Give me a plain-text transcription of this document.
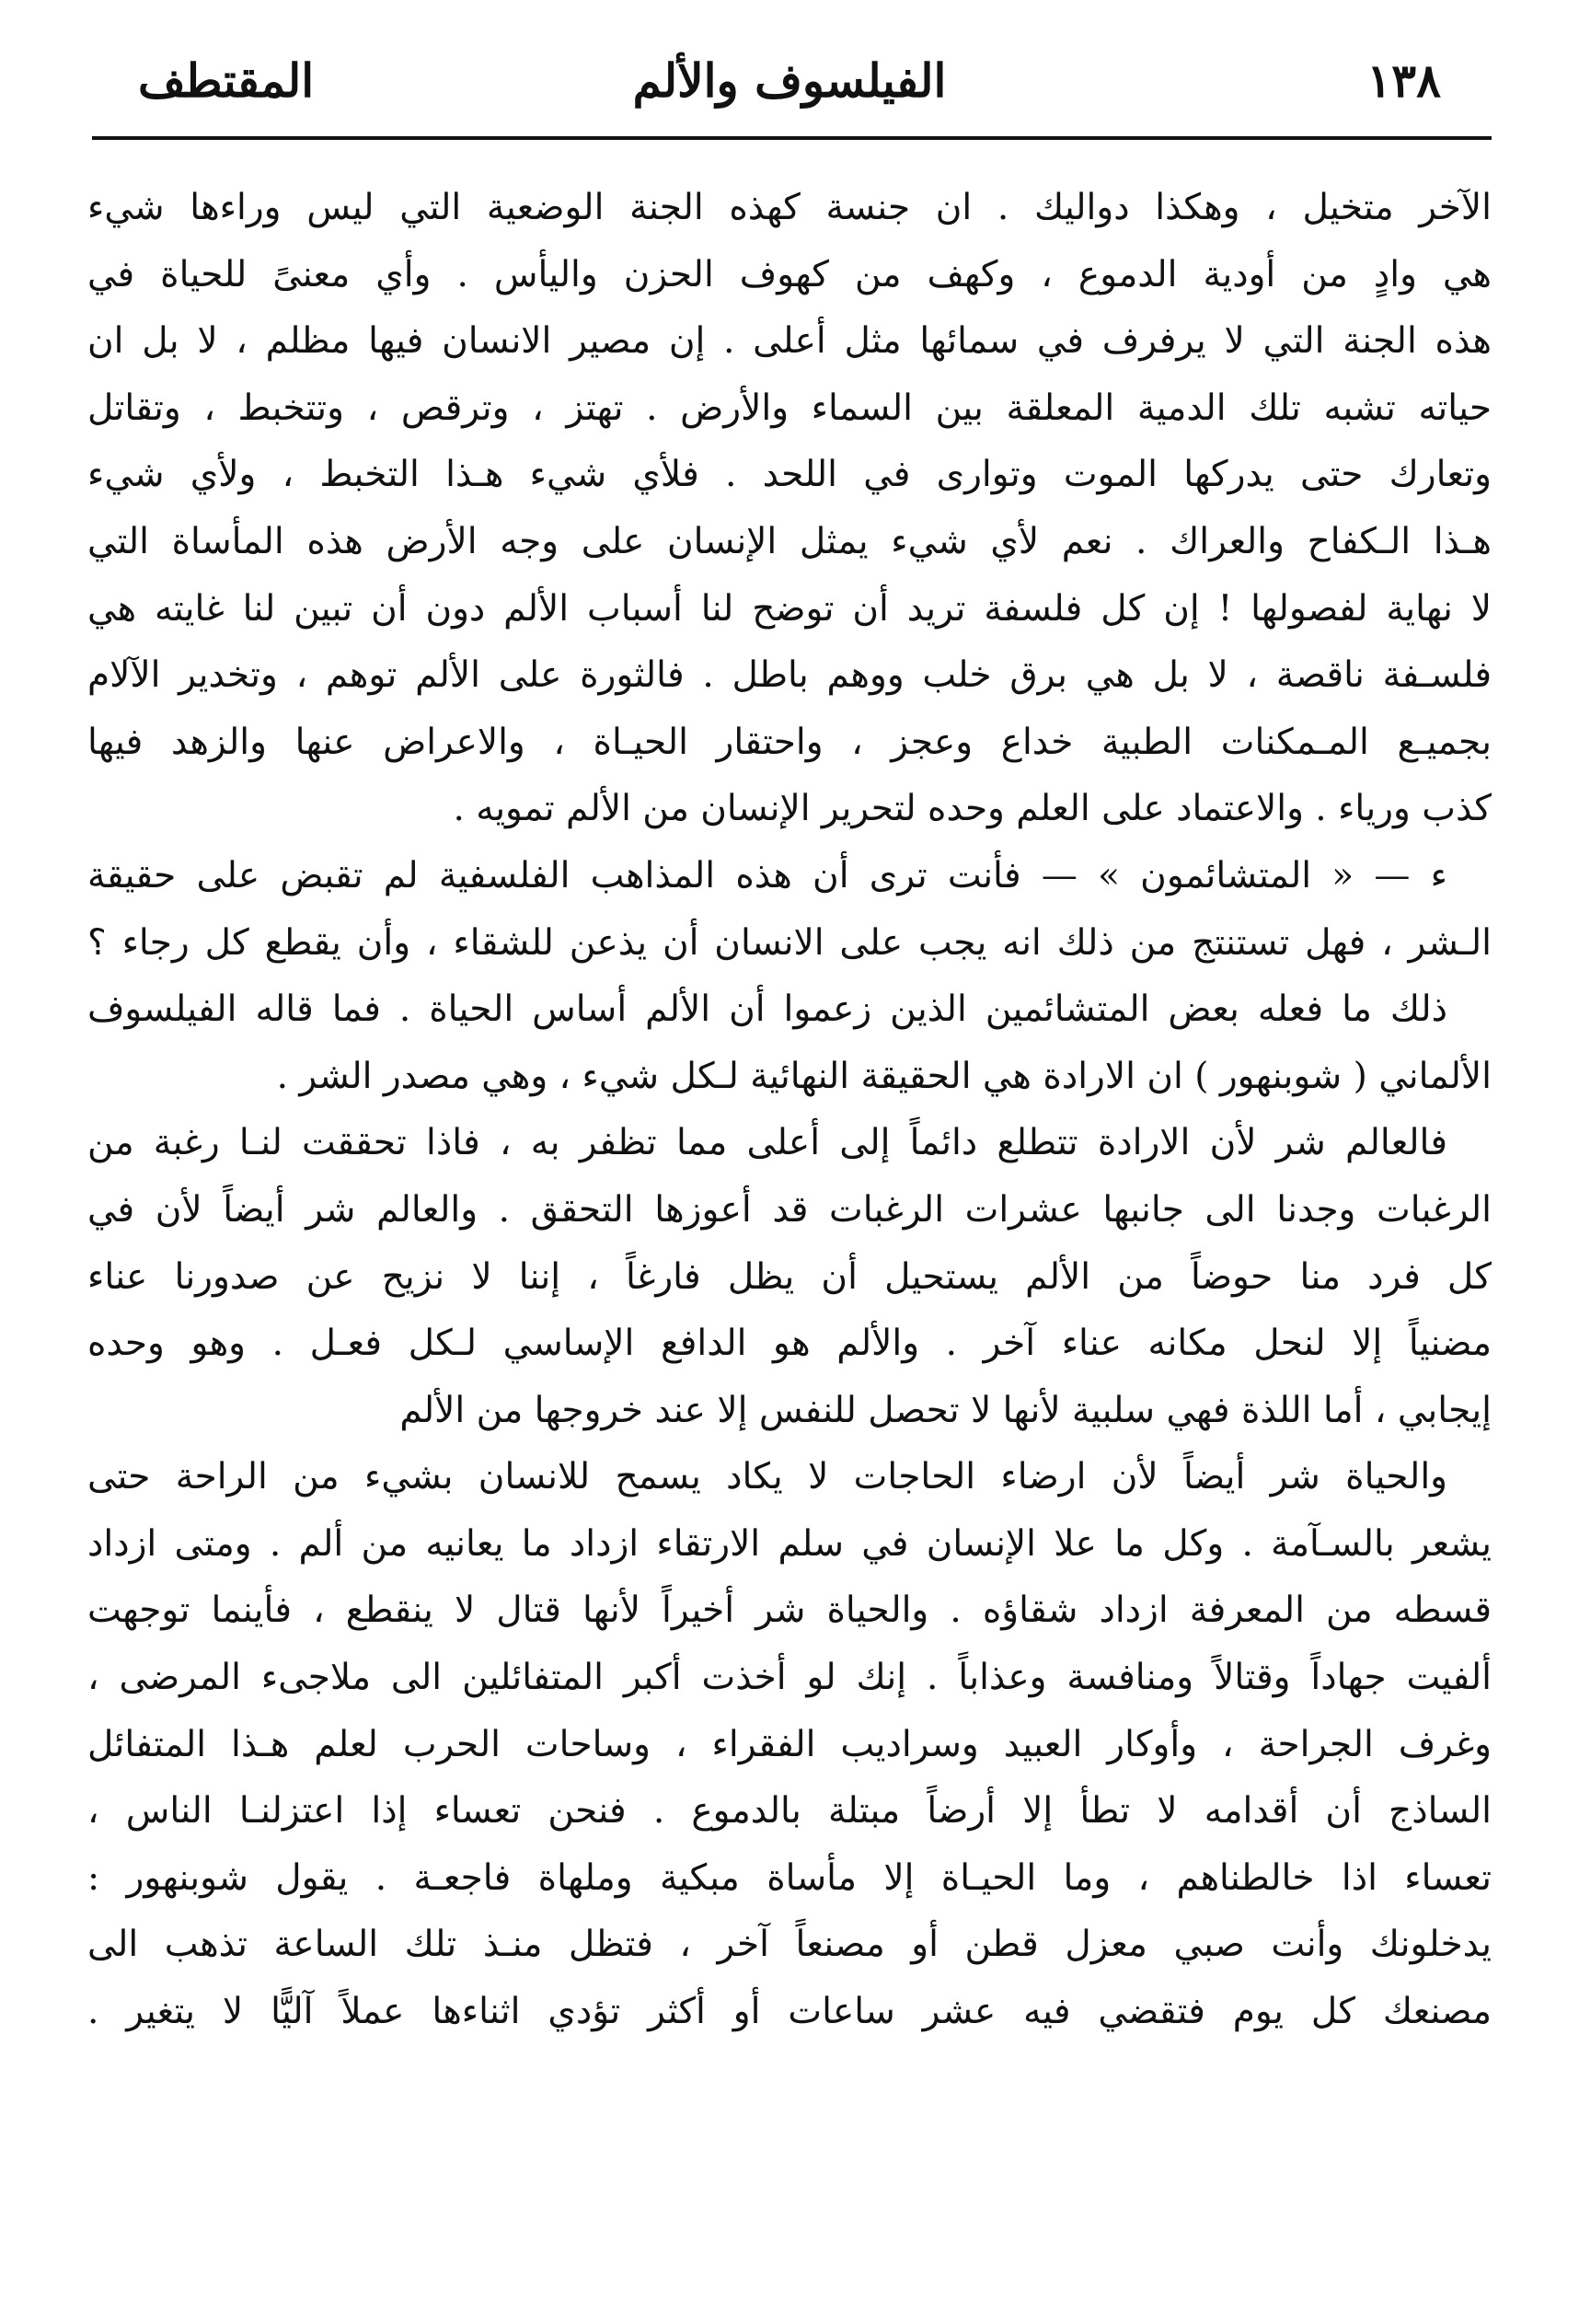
١٣٨
الفيلسوف والألم
المقتطف
الآخر متخيل ، وهكذا دواليك . ان جنسة كهذه الجنة الوضعية التي ليس وراءها شيء
هي وادٍ من أودية الدموع ، وكهف من كهوف الحزن واليأس . وأي معنىً للحياة في
هذه الجنة التي لا يرفرف في سمائها مثل أعلى . إن مصير الانسان فيها مظلم ، لا بل ان
حياته تشبه تلك الدمية المعلقة بين السماء والأرض . تهتز ، وترقص ، وتتخبط ، وتقاتل
وتعارك حتى يدركها الموت وتوارى في اللحد . فلأي شيء هـذا التخبط ، ولأي شيء
هـذا الـكفاح والعراك . نعم لأي شيء يمثل الإنسان على وجه الأرض هذه المأساة التي
لا نهاية لفصولها ! إن كل فلسفة تريد أن توضح لنا أسباب الألم دون أن تبين لنا غايته هي
فلسـفة ناقصة ، لا بل هي برق خلب ووهم باطل . فالثورة على الألم توهم ، وتخدير الآلام
بجميـع المـمكنات الطبية خداع وعجز ، واحتقار الحيـاة ، والاعراض عنها والزهد فيها
كذب ورياء . والاعتماد على العلم وحده لتحرير الإنسان من الألم تمويه .
ء — « المتشائمون » — فأنت ترى أن هذه المذاهب الفلسفية لم تقبض على حقيقة
الـشر ، فهل تستنتج من ذلك انه يجب على الانسان أن يذعن للشقاء ، وأن يقطع كل رجاء ؟
ذلك ما فعله بعض المتشائمين الذين زعموا أن الألم أساس الحياة . فما قاله الفيلسوف
الألماني ( شوبنهور ) ان الارادة هي الحقيقة النهائية لـكل شيء ، وهي مصدر الشر .
فالعالم شر لأن الارادة تتطلع دائماً إلى أعلى مما تظفر به ، فاذا تحققت لنـا رغبة من
الرغبات وجدنا الى جانبها عشرات الرغبات قد أعوزها التحقق . والعالم شر أيضاً لأن في
كل فرد منا حوضاً من الألم يستحيل أن يظل فارغاً ، إننا لا نزيح عن صدورنا عناء
مضنياً إلا لنحل مكانه عناء آخر . والألم هو الدافع الإساسي لـكل فعـل . وهو وحده
إيجابي ، أما اللذة فهي سلبية لأنها لا تحصل للنفس إلا عند خروجها من الألم
والحياة شر أيضاً لأن ارضاء الحاجات لا يكاد يسمح للانسان بشيء من الراحة حتى
يشعر بالسـآمة . وكل ما علا الإنسان في سلم الارتقاء ازداد ما يعانيه من ألم . ومتى ازداد
قسطه من المعرفة ازداد شقاؤه . والحياة شر أخيراً لأنها قتال لا ينقطع ، فأينما توجهت
ألفيت جهاداً وقتالاً ومنافسة وعذاباً . إنك لو أخذت أكبر المتفائلين الى ملاجىء المرضى ،
وغرف الجراحة ، وأوكار العبيد وسراديب الفقراء ، وساحات الحرب لعلم هـذا المتفائل
الساذج أن أقدامه لا تطأ إلا أرضاً مبتلة بالدموع . فنحن تعساء إذا اعتزلنـا الناس ،
تعساء اذا خالطناهم ، وما الحيـاة إلا مأساة مبكية وملهاة فاجعـة . يقول شوبنهور :
يدخلونك وأنت صبي معزل قطن أو مصنعاً آخر ، فتظل منـذ تلك الساعة تذهب الى
مصنعك كل يوم فتقضي فيه عشر ساعات أو أكثر تؤدي اثناءها عملاً آليًّا لا يتغير .
